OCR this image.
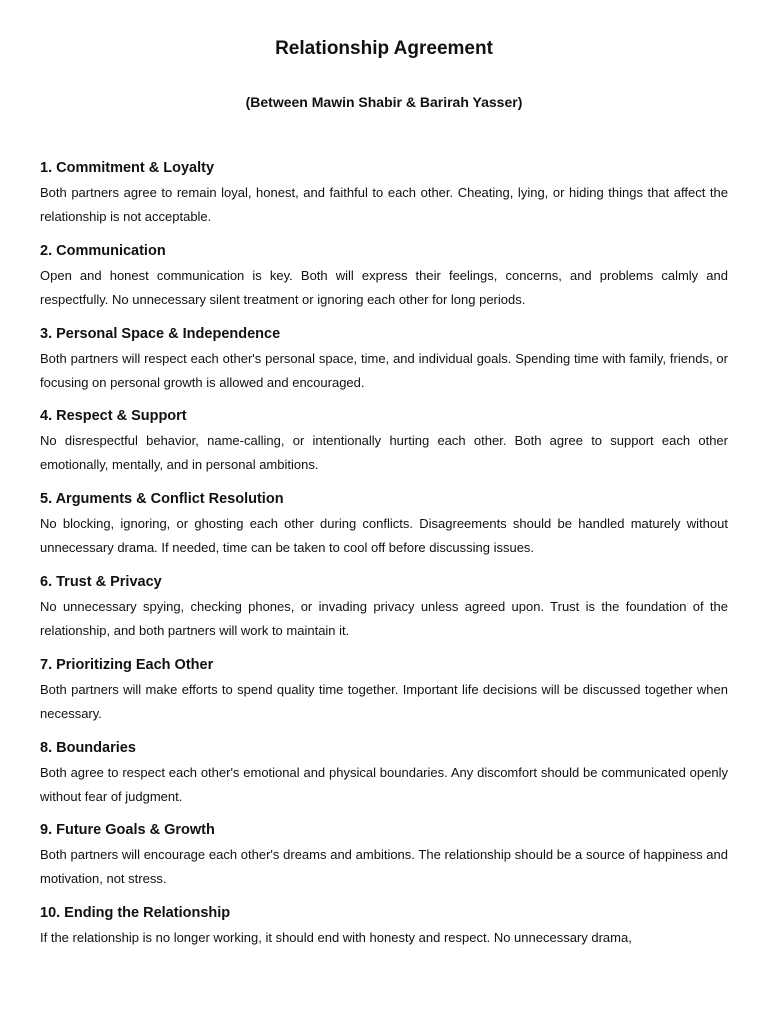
Relationship Agreement
(Between Mawin Shabir & Barirah Yasser)
1. Commitment & Loyalty

Both partners agree to remain loyal, honest, and faithful to each other. Cheating, lying, or hiding things that affect the relationship is not acceptable.

2. Communication

Open and honest communication is key. Both will express their feelings, concerns, and problems calmly and respectfully. No unnecessary silent treatment or ignoring each other for long periods.

3. Personal Space & Independence

Both partners will respect each other's personal space, time, and individual goals. Spending time with family, friends, or focusing on personal growth is allowed and encouraged.

4. Respect & Support

No disrespectful behavior, name-calling, or intentionally hurting each other. Both agree to support each other emotionally, mentally, and in personal ambitions.

5. Arguments & Conflict Resolution

No blocking, ignoring, or ghosting each other during conflicts. Disagreements should be handled maturely without unnecessary drama. If needed, time can be taken to cool off before discussing issues.

6. Trust & Privacy

No unnecessary spying, checking phones, or invading privacy unless agreed upon. Trust is the foundation of the relationship, and both partners will work to maintain it.

7. Prioritizing Each Other

Both partners will make efforts to spend quality time together. Important life decisions will be discussed together when necessary.

8. Boundaries

Both agree to respect each other's emotional and physical boundaries. Any discomfort should be communicated openly without fear of judgment.

9. Future Goals & Growth

Both partners will encourage each other's dreams and ambitions. The relationship should be a source of happiness and motivation, not stress.

10. Ending the Relationship

If the relationship is no longer working, it should end with honesty and respect. No unnecessary drama,
